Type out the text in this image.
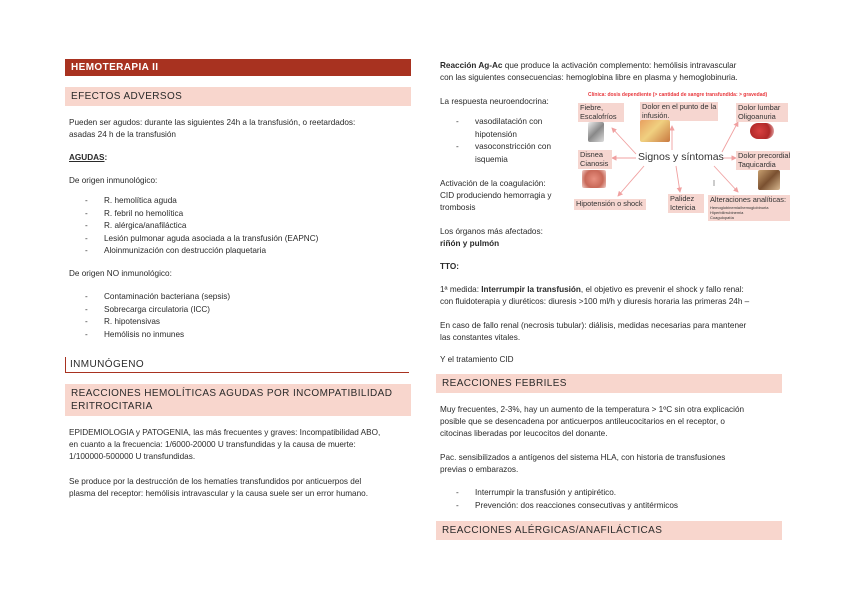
HEMOTERAPIA II
EFECTOS ADVERSOS
Pueden ser agudos: durante las siguientes 24h a la transfusión, o reetardados:
asadas 24 h de la transfusión
AGUDAS:
De origen inmunológico:
- R. hemolítica aguda
- R. febril no hemolítica
- R. alérgica/anafiláctica
- Lesión pulmonar aguda asociada a la transfusión (EAPNC)
- Aloinmunización con destrucción plaquetaria
De origen NO inmunológico:
- Contaminación bacteriana (sepsis)
- Sobrecarga circulatoria (ICC)
- R. hipotensivas
- Hemólisis no inmunes
INMUNÓGENO
REACCIONES HEMOLÍTICAS AGUDAS POR INCOMPATIBILIDAD
ERITROCITARIA
EPIDEMIOLOGIA y PATOGENIA, las más frecuentes y graves: Incompatibilidad ABO,
en cuanto a la frecuencia: 1/6000-20000 U transfundidas y la causa de muerte:
1/100000-500000 U transfundidas.
Se produce por la destrucción de los hematíes transfundidos por anticuerpos del
plasma del receptor: hemólisis intravascular y la causa suele ser un error humano.
Reacción Ag-Ac que produce la activación complemento: hemólisis intravascular
con las siguientes consecuencias: hemoglobina libre en plasma y hemoglobinuria.
La respuesta neuroendocrina:
- vasodilatación con hipotensión
- vasoconstricción con isquemia
Activación de la coagulación:
CID produciendo hemorragia y
trombosis
Los órganos más afectados:
riñón y pulmón
TTO:
1ª medida: Interrumpir la transfusión, el objetivo es prevenir el shock y fallo renal:
con fluidoterapia y diuréticos: diuresis >100 ml/h y diuresis horaria las primeras 24h –
En caso de fallo renal (necrosis tubular): diálisis, medidas necesarias para mantener
las constantes vitales.
Y el tratamiento CID
REACCIONES FEBRILES
Muy frecuentes, 2-3%, hay un aumento de la temperatura > 1ºC sin otra explicación
posible que se desencadena por anticuerpos antileucocitarios en el receptor, o
citocinas liberadas por leucocitos del donante.
Pac. sensibilizados a antígenos del sistema HLA, con historia de transfusiones
previas o embarazos.
- Interrumpir la transfusión y antipirético.
- Prevención: dos reacciones consecutivas y antitérmicos
REACCIONES ALÉRGICAS/ANAFILÁCTICAS
Clínica: dosis dependiente (> cantidad de sangre transfundida: > gravedad)
Fiebre,
Escalofríos
Dolor en el punto de la
infusión.
Dolor lumbar
Oligoanuria
Disnea
Cianosis	Signos y síntomas Dolor precordial
Taquicardia
Hipotensión o shock
Palidez
Ictericia
Alteraciones analíticas:
Hemoglobinemia/hemoglobinuria
Hiperbilirrubinemia
Coagulopatía
